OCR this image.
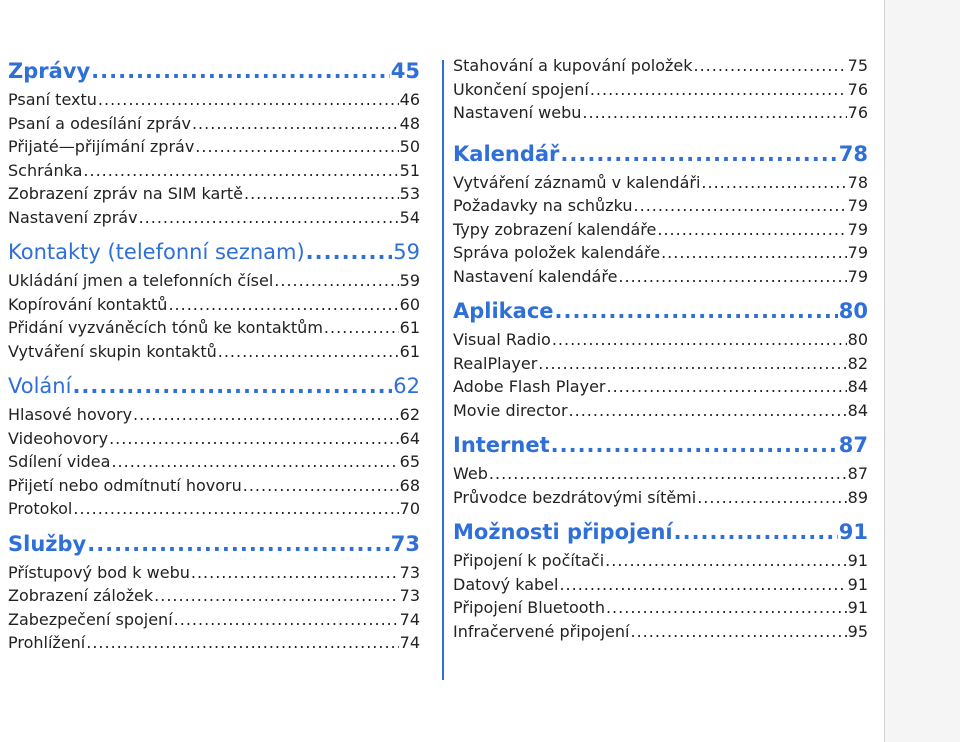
Zprávy .....	45
Psaní textu .....	46
Psaní a odesílání zpráv .....	48
Přijaté—přijímání zpráv .....	50
Schránka .....	51
Zobrazení zpráv na SIM kartě .....	53
Nastavení zpráv .....	54
Kontakty (telefonní seznam) .....	59
Ukládání jmen a telefonních čísel .....	59
Kopírování kontaktů .....	60
Přidání vyzváněcích tónů ke kontaktům .....	61
Vytváření skupin kontaktů .....	61
Volání .....	62
Hlasové hovory .....	62
Videohovory .....	64
Sdílení videa .....	65
Přijetí nebo odmítnutí hovoru .....	68
Protokol .....	70
Služby .....	73
Přístupový bod k webu .....	73
Zobrazení záložek .....	73
Zabezpečení spojení .....	74
Prohlížení .....	74
Stahování a kupování položek .....	75
Ukončení spojení .....	76
Nastavení webu .....	76
Kalendář .....	78
Vytváření záznamů v kalendáři .....	78
Požadavky na schůzku .....	79
Typy zobrazení kalendáře .....	79
Správa položek kalendáře .....	79
Nastavení kalendáře .....	79
Aplikace .....	80
Visual Radio .....	80
RealPlayer .....	82
Adobe Flash Player .....	84
Movie director .....	84
Internet .....	87
Web .....	87
Průvodce bezdrátovými sítěmi .....	89
Možnosti připojení .....	91
Připojení k počítači .....	91
Datový kabel .....	91
Připojení Bluetooth .....	91
Infračervené připojení .....	95
